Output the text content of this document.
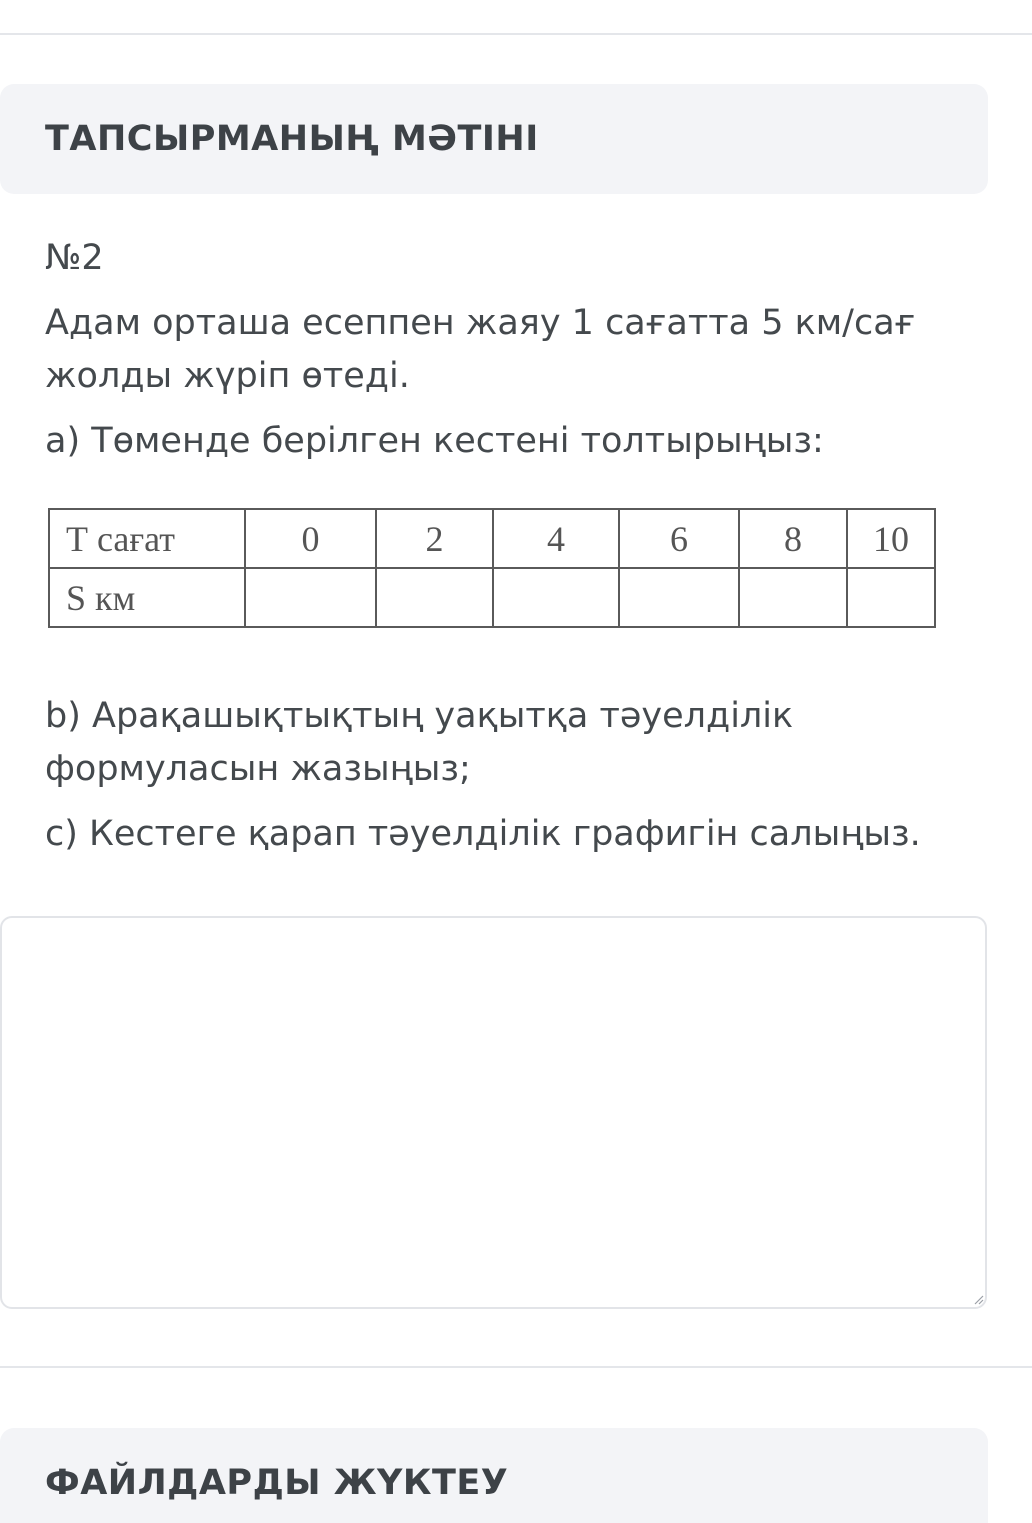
ТАПСЫРМАНЫҢ МӘТІНІ

№2

Адам орташа есеппен жаяу 1 сағатта 5 км/сағ жолды жүріп өтеді.

а) Төменде берілген кестені толтырыңыз:

Т сағат	0	2	4	6	8	10
S км						

b) Арақашықтықтың уақытқа тәуелділік формуласын жазыңыз;

c) Кестеге қарап тәуелділік графигін салыңыз.

ФАЙЛДАРДЫ ЖҮКТЕУ
